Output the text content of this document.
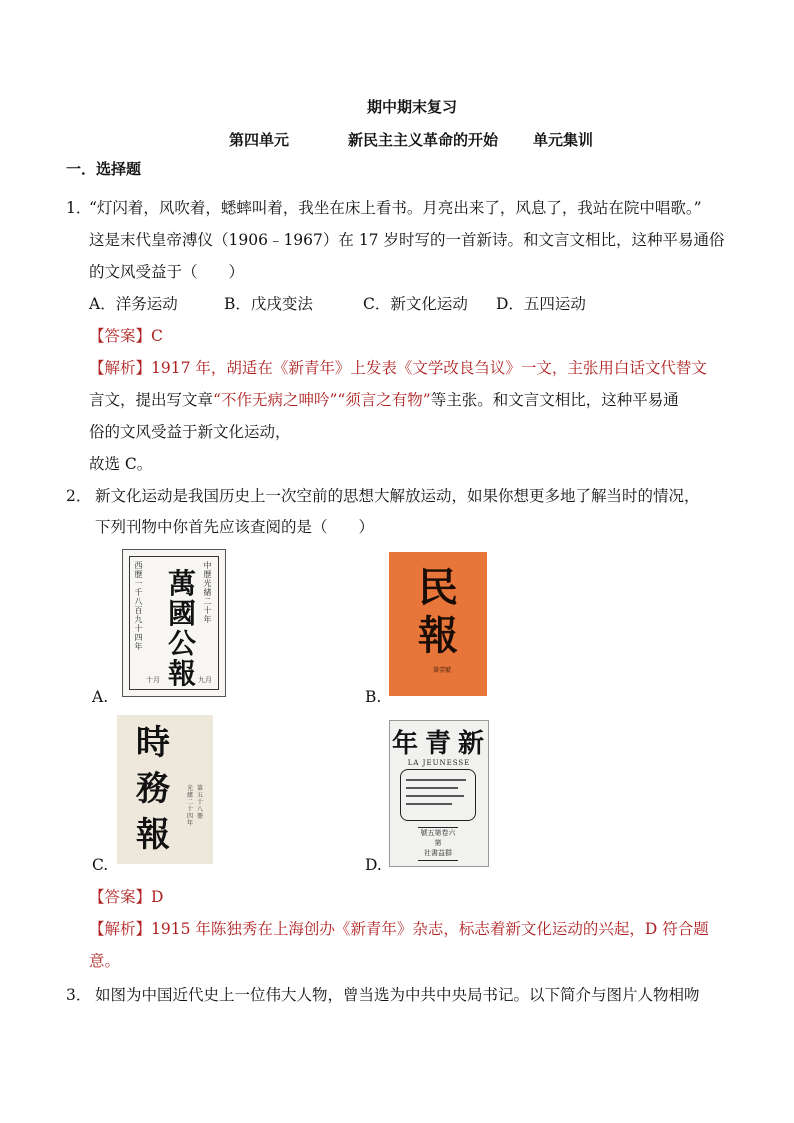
期中期末复习
第四单元	新民主主义革命的开始 单元集训
一．选择题
1．
“灯闪着，风吹着，蟋蟀叫着，我坐在床上看书。月亮出来了，风息了，我站在院中唱歌。”
这是末代皇帝溥仪（1906﹣1967）在 17 岁时写的一首新诗。和文言文相比，这种平易通俗
的文风受益于（　　）
A．洋务运动	B．戊戌变法	C．新文化运动 D．五四运动
【答案】C
【解析】1917 年，胡适在《新青年》上发表《文学改良刍议》一文，主张用白话文代替文
言文，提出写文章“不作无病之呻吟”“须言之有物”等主张。和文言文相比，这种平易通
俗的文风受益于新文化运动，
故选 C。
2． 新文化运动是我国历史上一次空前的思想大解放运动，如果你想更多地了解当时的情况，
下列刊物中你首先应该查阅的是（　　）
西歷一千八百九十四年
中歷光緒二十年
萬國公報
十月	九月
A.
民
報
第壹號
B.
時
務
報
光緒二十四年
第五十八冊
C.
年 青 新
LA JEUNESSE
號五第卷六第
社書益群
D.
【答案】D
【解析】1915 年陈独秀在上海创办《新青年》杂志，标志着新文化运动的兴起，D 符合题
意。
3． 如图为中国近代史上一位伟大人物，曾当选为中共中央局书记。以下简介与图片人物相吻
